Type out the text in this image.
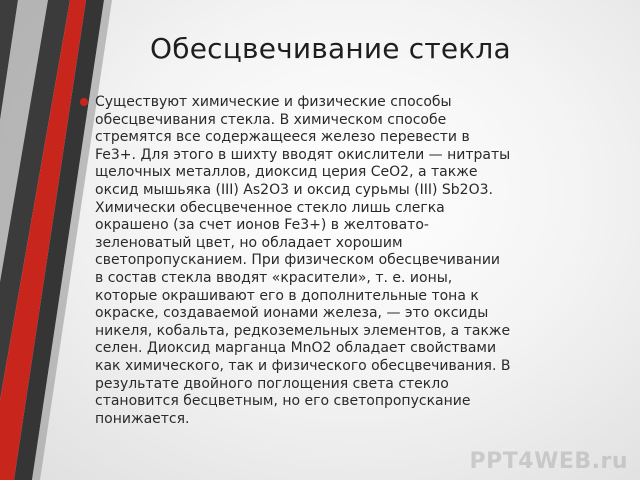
Обесцвечивание стекла

Существуют химические и физические способы
обесцвечивания стекла. В химическом способе
стремятся все содержащееся железо перевести в
Fe3+. Для этого в шихту вводят окислители — нитраты
щелочных металлов, диоксид церия CeO2, а также
оксид мышьяка (III) As2O3 и оксид сурьмы (III) Sb2O3.
Химически обесцвеченное стекло лишь слегка
окрашено (за счет ионов Fe3+) в желтовато-
зеленоватый цвет, но обладает хорошим
светопропусканием. При физическом обесцвечивании
в состав стекла вводят «красители», т. е. ионы,
которые окрашивают его в дополнительные тона к
окраске, создаваемой ионами железа, — это оксиды
никеля, кобальта, редкоземельных элементов, а также
селен. Диоксид марганца MnO2 обладает свойствами
как химического, так и физического обесцвечивания. В
результате двойного поглощения света стекло
становится бесцветным, но его светопропускание
понижается.

PPT4WEB.ru
